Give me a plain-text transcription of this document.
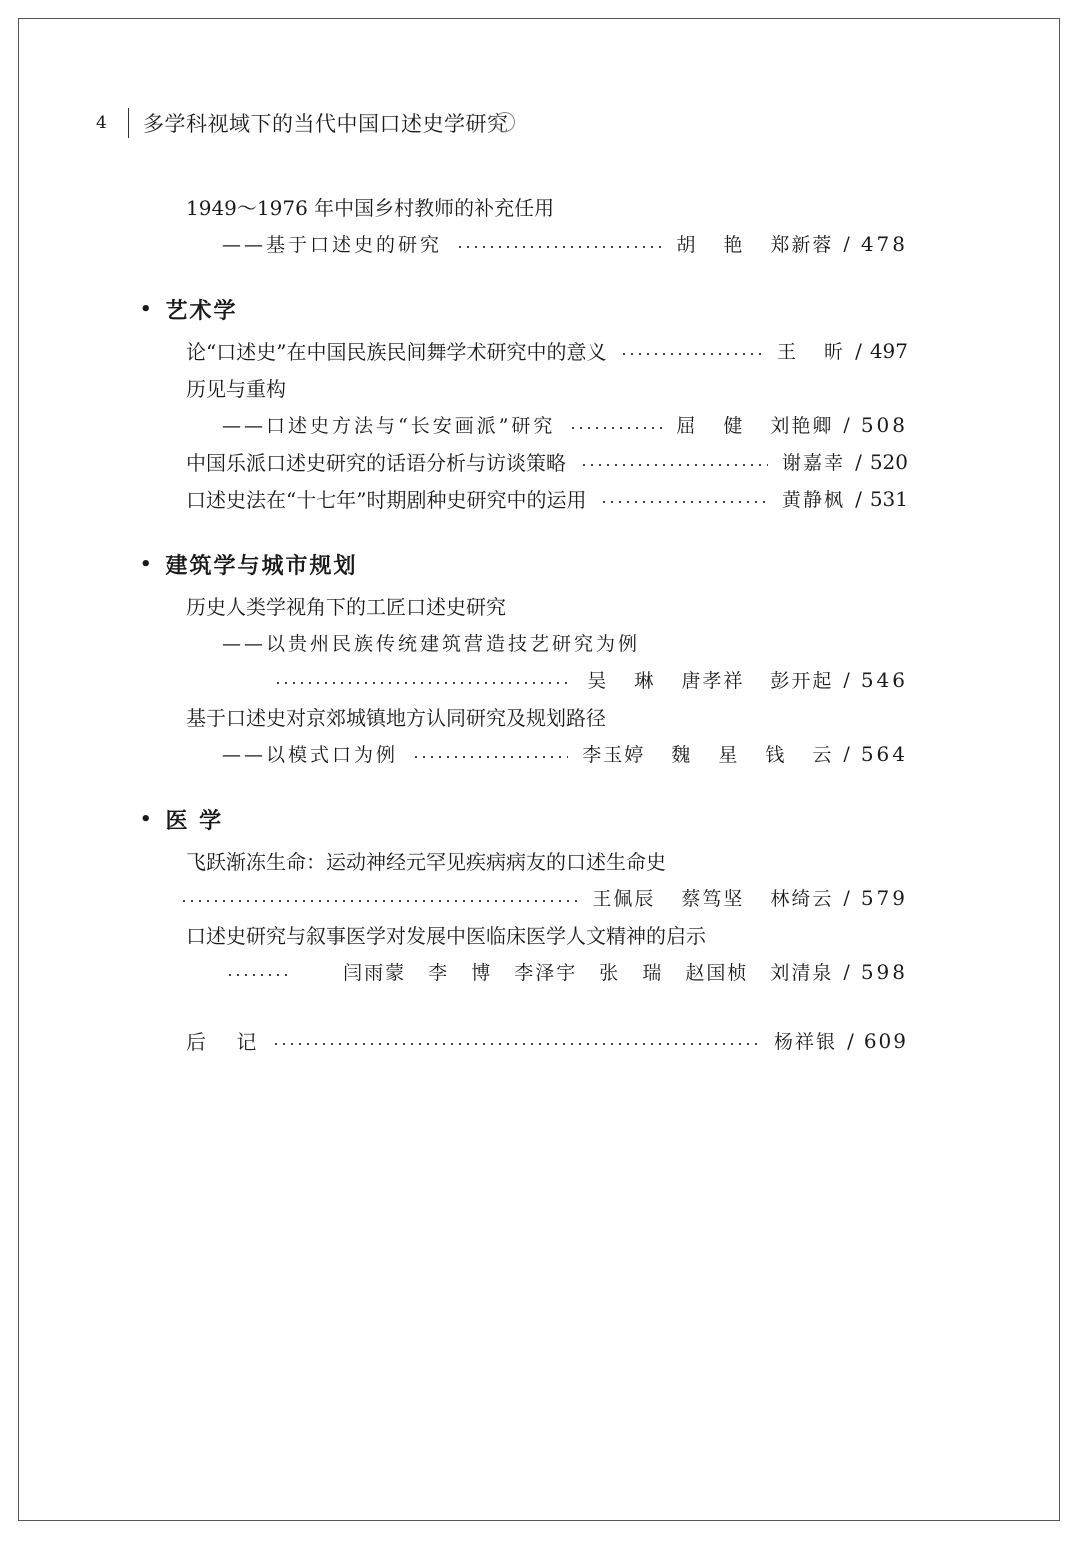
4	多学科视域下的当代中国口述史学研究
1949～1976 年中国乡村教师的补充任用
——基于口述史的研究	胡 艳 郑新蓉 / 478
• 艺术学
论“口述史”在中国民族民间舞学术研究中的意义	王 昕 / 497
历见与重构
——口述史方法与“长安画派”研究	屈 健 刘艳卿 / 508
中国乐派口述史研究的话语分析与访谈策略	谢嘉幸 / 520
口述史法在“十七年”时期剧种史研究中的运用	黄静枫 / 531
• 建筑学与城市规划
历史人类学视角下的工匠口述史研究
——以贵州民族传统建筑营造技艺研究为例
吴 琳 唐孝祥 彭开起 / 546
基于口述史对京郊城镇地方认同研究及规划路径
——以模式口为例	李玉婷 魏 星 钱 云 / 564
• 医 学
飞跃渐冻生命：运动神经元罕见疾病病友的口述生命史
王佩辰 蔡笃坚 林绮云 / 579
口述史研究与叙事医学对发展中医临床医学人文精神的启示
闫雨蒙 李 博 李泽宇 张 瑞 赵国桢 刘清泉 / 598
后 记	杨祥银 / 609
